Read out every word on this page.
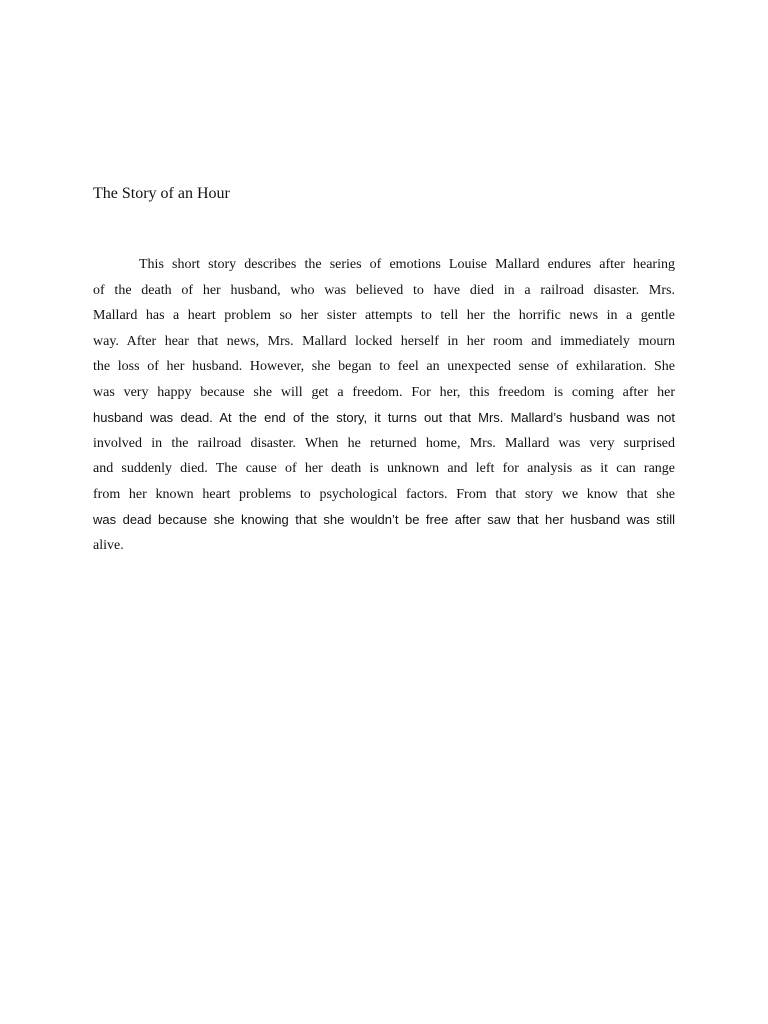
The Story of an Hour
This short story describes the series of emotions Louise Mallard endures after hearing
of the death of her husband, who was believed to have died in a railroad disaster. Mrs.
Mallard has a heart problem so her sister attempts to tell her the horrific news in a gentle
way. After hear that news, Mrs. Mallard locked herself in her room and immediately mourn
the loss of her husband. However, she began to feel an unexpected sense of exhilaration. She
was very happy because she will get a freedom. For her, this freedom is coming after her
husband was dead. At the end of the story, it turns out that Mrs. Mallard’s husband was not
involved in the railroad disaster. When he returned home, Mrs. Mallard was very surprised
and suddenly died. The cause of her death is unknown and left for analysis as it can range
from her known heart problems to psychological factors. From that story we know that she
was dead because she knowing that she wouldn’t be free after saw that her husband was still
alive.
